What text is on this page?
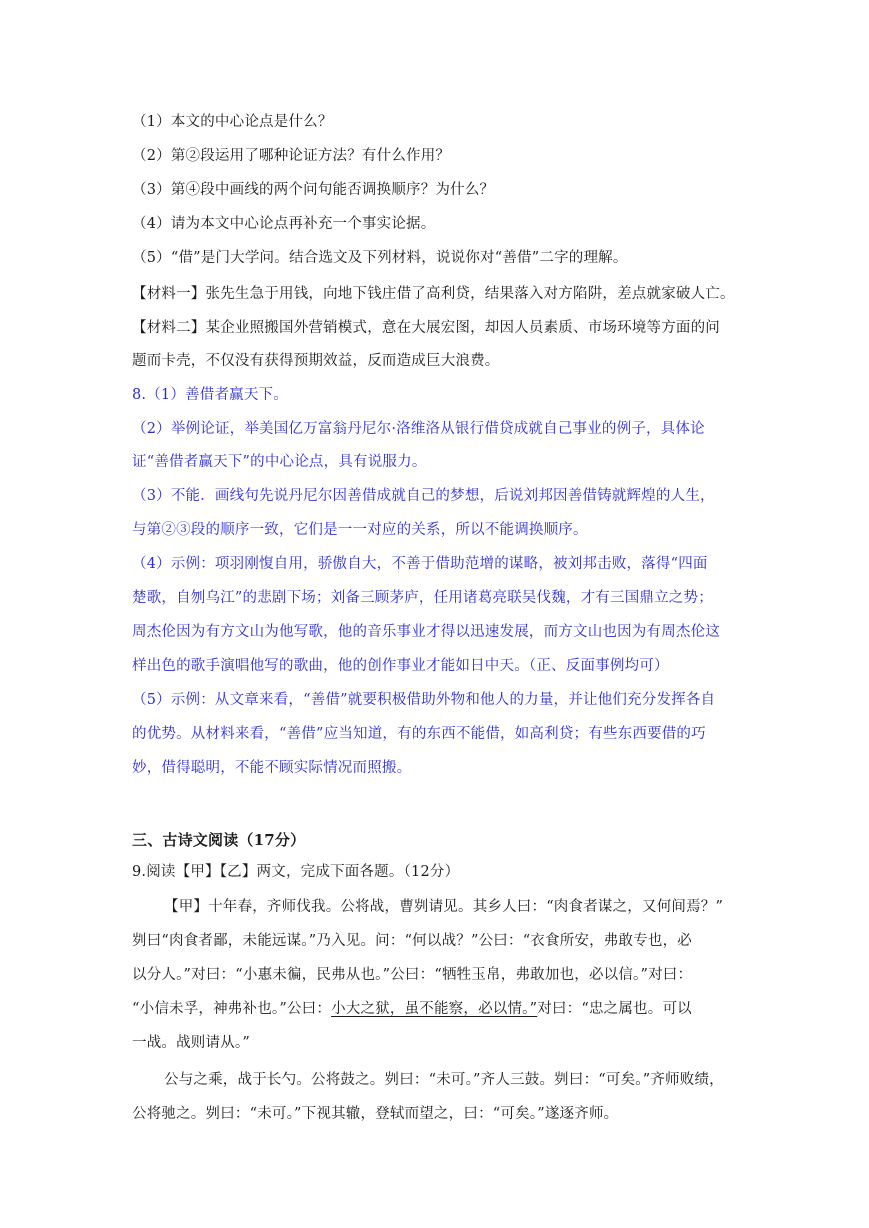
（1）本文的中心论点是什么？
（2）第②段运用了哪种论证方法？有什么作用？
（3）第④段中画线的两个问句能否调换顺序？为什么？
（4）请为本文中心论点再补充一个事实论据。
（5）“借”是门大学问。结合选文及下列材料，说说你对“善借”二字的理解。
【材料一】张先生急于用钱，向地下钱庄借了高利贷，结果落入对方陷阱，差点就家破人亡。
【材料二】某企业照搬国外营销模式，意在大展宏图，却因人员素质、市场环境等方面的问
题而卡壳，不仅没有获得预期效益，反而造成巨大浪费。
8.（1）善借者赢天下。
（2）举例论证，举美国亿万富翁丹尼尔·洛维洛从银行借贷成就自己事业的例子，具体论
证“善借者赢天下”的中心论点，具有说服力。
（3）不能．画线句先说丹尼尔因善借成就自己的梦想，后说刘邦因善借铸就辉煌的人生，
与第②③段的顺序一致，它们是一一对应的关系，所以不能调换顺序。
（4）示例：项羽刚愎自用，骄傲自大，不善于借助范增的谋略，被刘邦击败，落得“四面
楚歌，自刎乌江”的悲剧下场；刘备三顾茅庐，任用诸葛亮联吴伐魏，才有三国鼎立之势；
周杰伦因为有方文山为他写歌，他的音乐事业才得以迅速发展，而方文山也因为有周杰伦这
样出色的歌手演唱他写的歌曲，他的创作事业才能如日中天。（正、反面事例均可）
（5）示例：从文章来看，“善借”就要积极借助外物和他人的力量，并让他们充分发挥各自
的优势。从材料来看，“善借”应当知道，有的东西不能借，如高利贷；有些东西要借的巧
妙，借得聪明，不能不顾实际情况而照搬。
三、古诗文阅读（17分）
9.阅读【甲】【乙】两文，完成下面各题。（12分）
【甲】十年春，齐师伐我。公将战，曹刿请见。其乡人曰：“肉食者谋之，又何间焉？”
刿曰“肉食者鄙，未能远谋。”乃入见。问：“何以战？”公曰：“衣食所安，弗敢专也，必
以分人。”对曰：“小惠未徧，民弗从也。”公曰：“牺牲玉帛，弗敢加也，必以信。”对曰：
“小信未孚，神弗补也。”公曰：小大之狱，虽不能察，必以情。”对曰：“忠之属也。可以
一战。战则请从。”
公与之乘，战于长勺。公将鼓之。刿曰：“未可。”齐人三鼓。刿曰：“可矣。”齐师败绩，
公将驰之。刿曰：“未可。”下视其辙，登轼而望之，曰：“可矣。”遂逐齐师。
